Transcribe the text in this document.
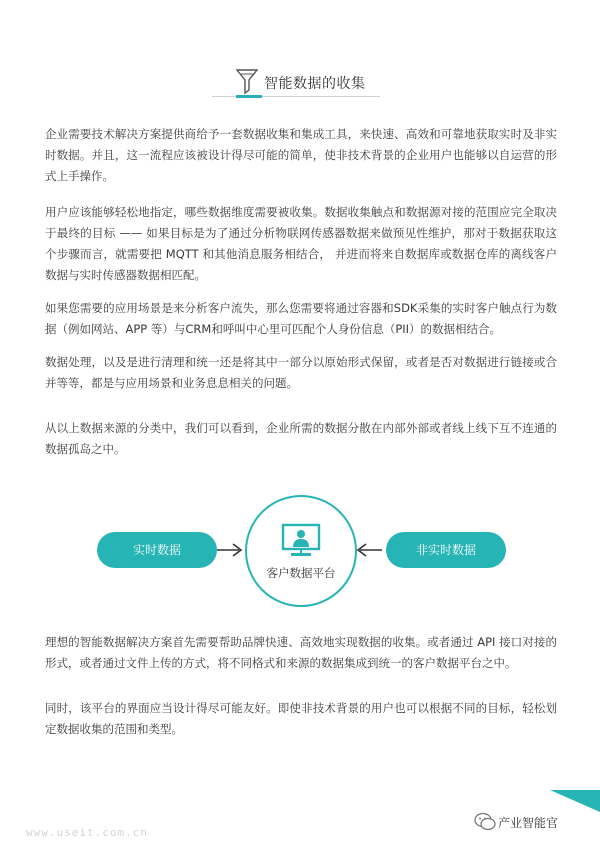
智能数据的收集

企业需要技术解决方案提供商给予一套数据收集和集成工具，来快速、高效和可靠地获取实时及非实时数据。并且，这一流程应该被设计得尽可能的简单，使非技术背景的企业用户也能够以自运营的形式上手操作。

用户应该能够轻松地指定，哪些数据维度需要被收集。数据收集触点和数据源对接的范围应完全取决于最终的目标 —— 如果目标是为了通过分析物联网传感器数据来做预见性维护，那对于数据获取这个步骤而言，就需要把 MQTT 和其他消息服务相结合， 并进而将来自数据库或数据仓库的离线客户数据与实时传感器数据相匹配。

如果您需要的应用场景是来分析客户流失，那么您需要将通过容器和SDK采集的实时客户触点行为数据（例如网站、APP 等）与CRM和呼叫中心里可匹配个人身份信息（PII）的数据相结合。

数据处理，以及是进行清理和统一还是将其中一部分以原始形式保留，或者是否对数据进行链接或合并等等，都是与应用场景和业务息息相关的问题。

从以上数据来源的分类中，我们可以看到，企业所需的数据分散在内部外部或者线上线下互不连通的数据孤岛之中。

理想的智能数据解决方案首先需要帮助品牌快速、高效地实现数据的收集。或者通过 API 接口对接的形式，或者通过文件上传的方式，将不同格式和来源的数据集成到统一的客户数据平台之中。

同时，该平台的界面应当设计得尽可能友好。即使非技术背景的用户也可以根据不同的目标，轻松划定数据收集的范围和类型。

实时数据
客户数据平台
非实时数据
www.useit.com.cn
产业智能官
